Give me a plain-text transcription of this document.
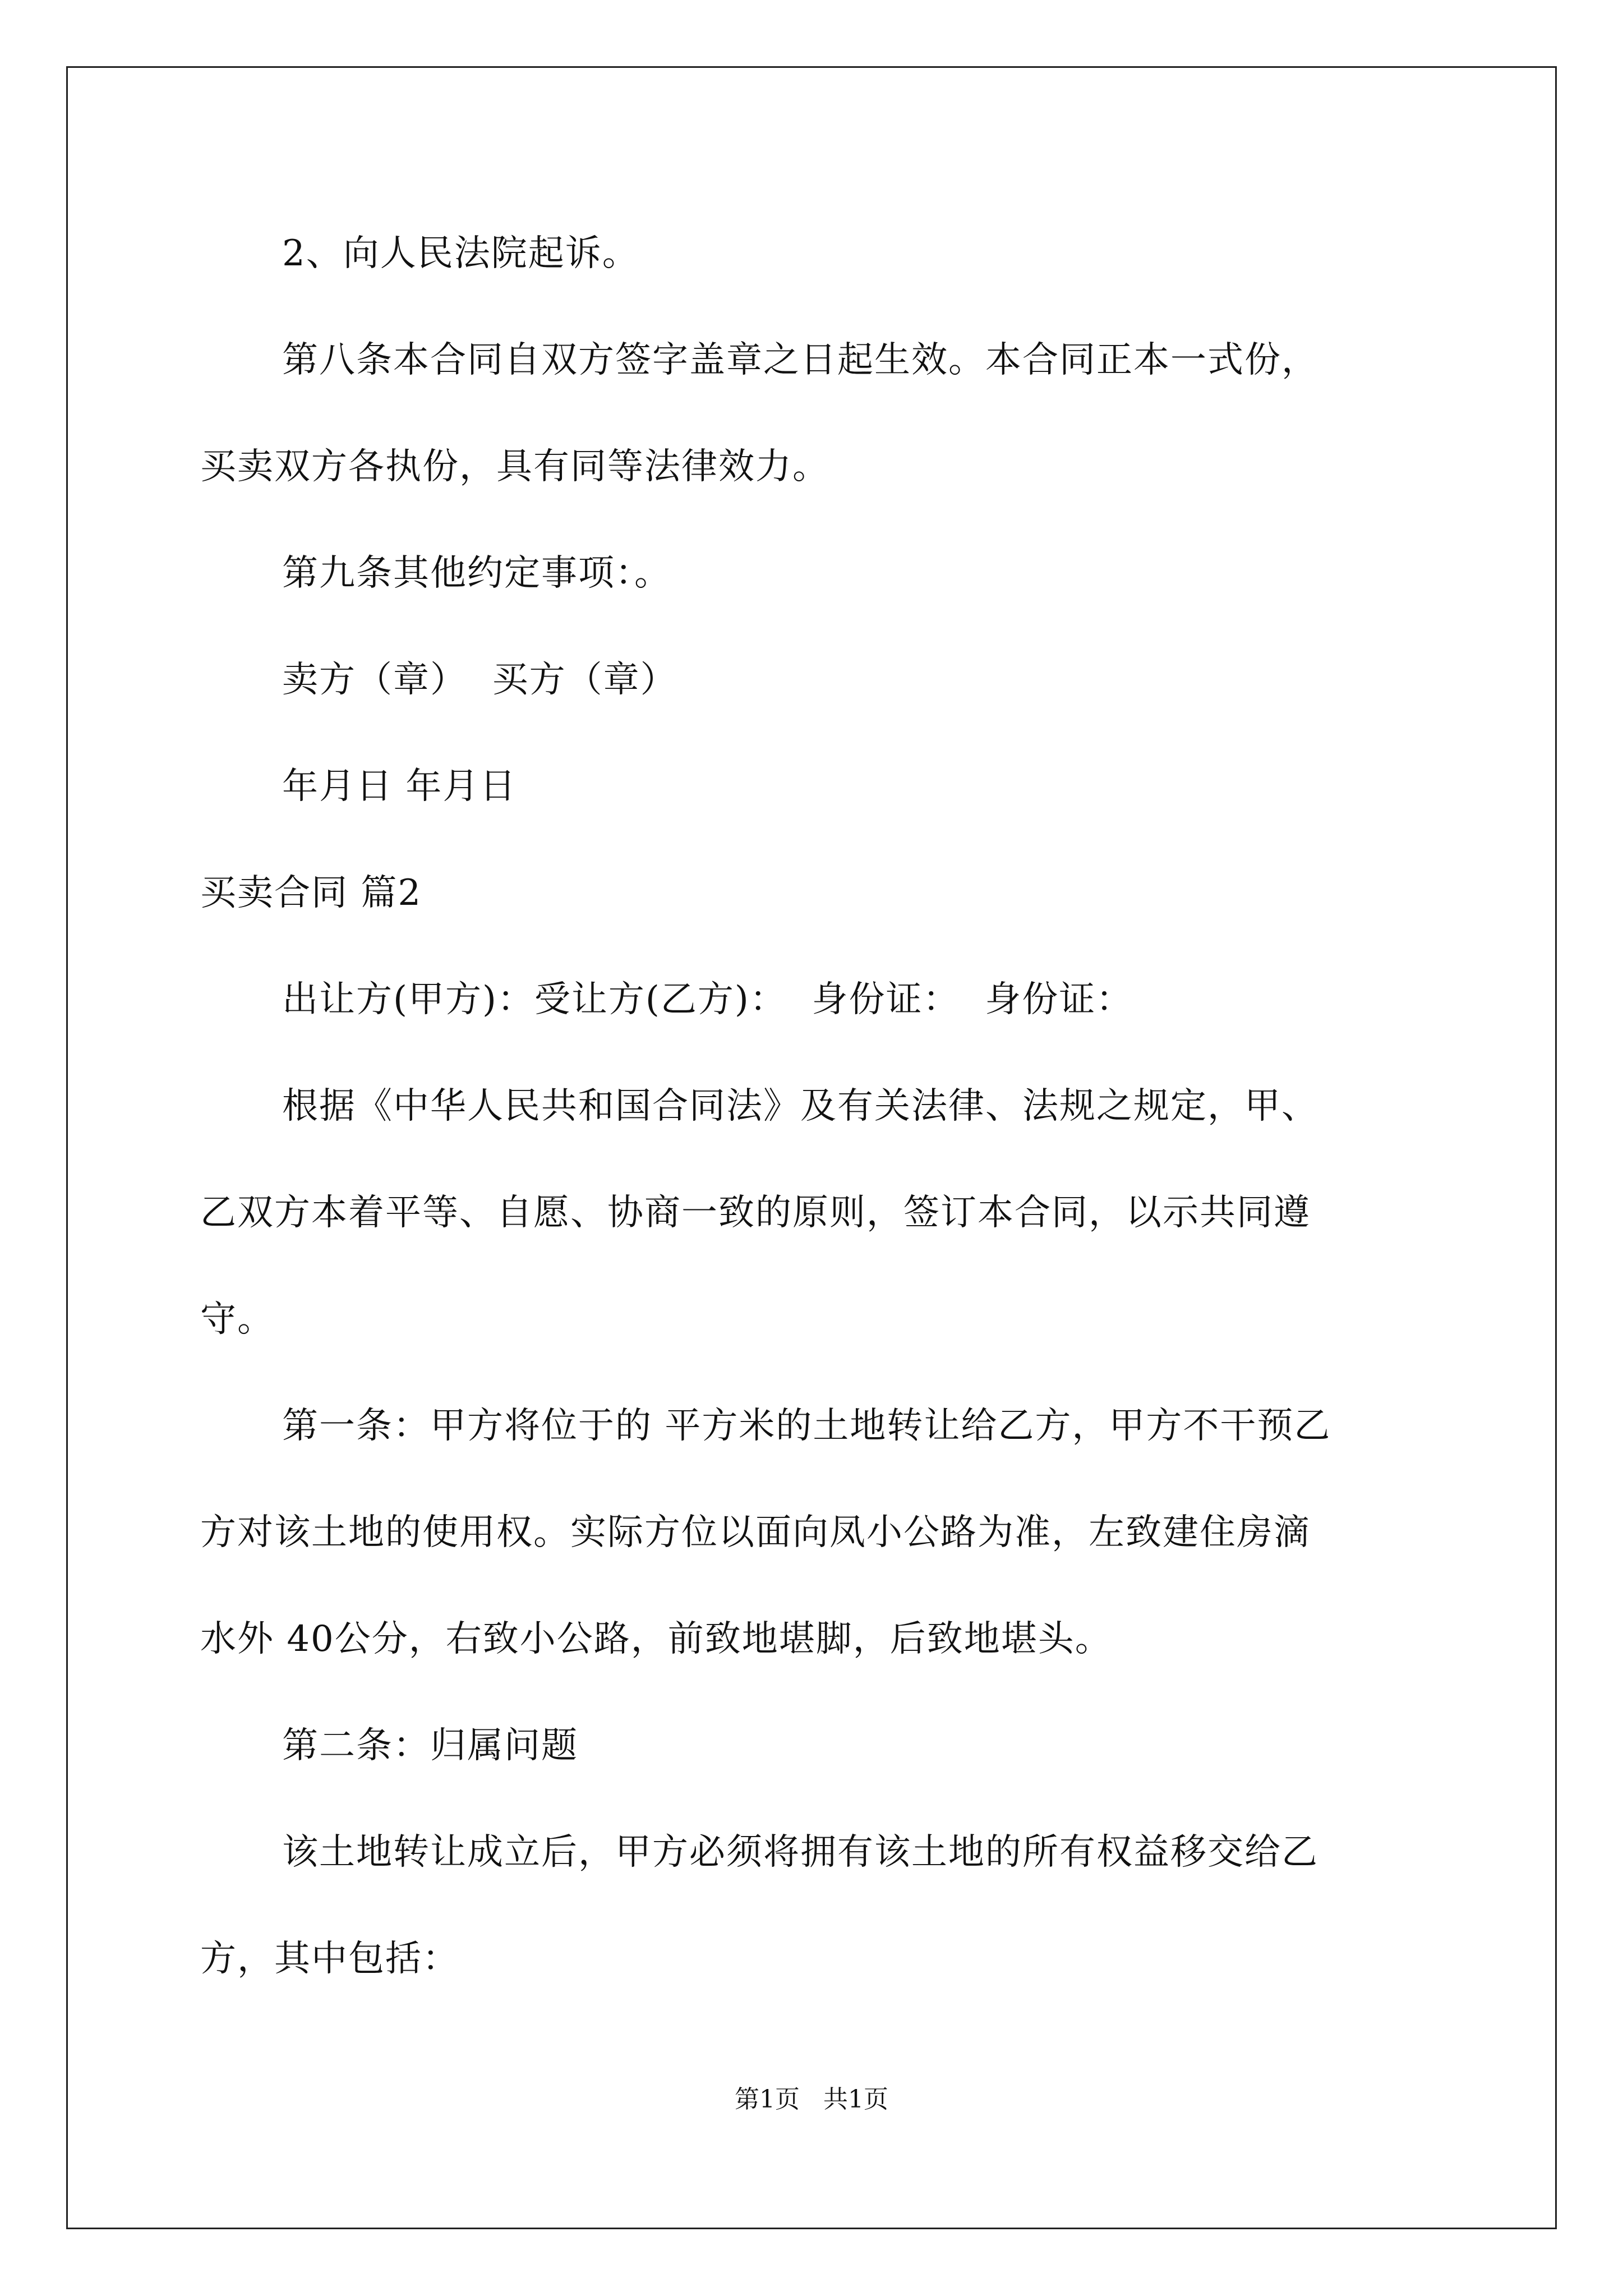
2、向人民法院起诉。
第八条本合同自双方签字盖章之日起生效。本合同正本一式份，
买卖双方各执份，具有同等法律效力。
第九条其他约定事项：。
卖方（章）  买方（章）
年月日 年月日
买卖合同 篇2
出让方(甲方)：受让方(乙方)：  身份证：  身份证：
根据《中华人民共和国合同法》及有关法律、法规之规定，甲、
乙双方本着平等、自愿、协商一致的原则，签订本合同，以示共同遵
守。
第一条：甲方将位于的 平方米的土地转让给乙方，甲方不干预乙
方对该土地的使用权。实际方位以面向凤小公路为准，左致建住房滴
水外 40公分，右致小公路，前致地堪脚，后致地堪头。
第二条：归属问题
该土地转让成立后，甲方必须将拥有该土地的所有权益移交给乙
方，其中包括：
第1页   共1页
